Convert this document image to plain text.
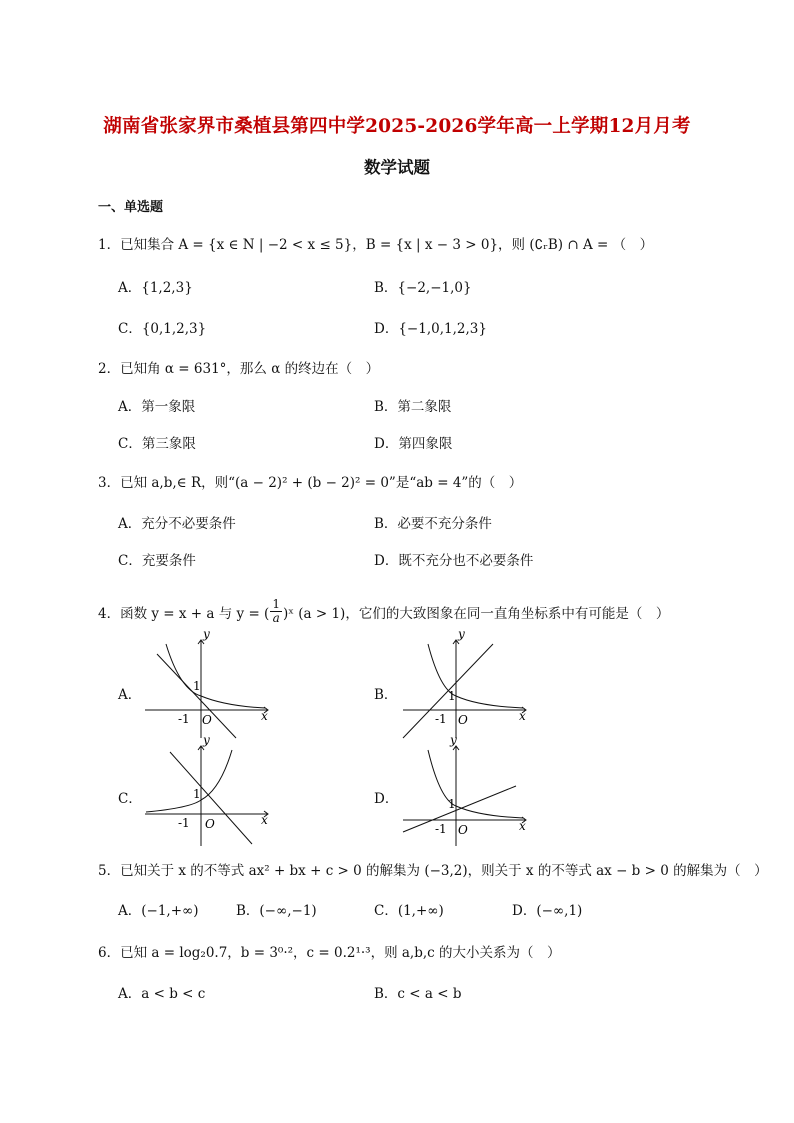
湖南省张家界市桑植县第四中学2025-2026学年高一上学期12月月考
数学试题
一、单选题
1．已知集合 A = {x ∈ N | −2 < x ≤ 5}，B = {x | x − 3 > 0}，则 (∁ᵣB) ∩ A = （　）
A．{1,2,3}	B．{−2,−1,0}
C．{0,1,2,3}	D．{−1,0,1,2,3}
2．已知角 α = 631°，那么 α 的终边在（　）
A．第一象限	B．第二象限
C．第三象限	D．第四象限
3．已知 a,b,∈ R，则“(a − 2)² + (b − 2)² = 0”是“ab = 4”的（　）
A．充分不必要条件	B．必要不充分条件
C．充要条件	D．既不充分也不必要条件
4．函数 y = x + a 与 y = ( $\frac{1}{a}$ )ˣ (a > 1)，它们的大致图象在同一直角坐标系中有可能是（　）
A．	B．
C．	D．
y
x
O
1
-1
y
x
O
1
-1
y
x
O
1
-1
y
x
O
1
-1
5．已知关于 x 的不等式 ax² + bx + c > 0 的解集为 (−3,2)，则关于 x 的不等式 ax − b > 0 的解集为（　）
A．(−1,+∞)	B．(−∞,−1)	C．(1,+∞)	D．(−∞,1)
6．已知 a = log₂0.7，b = 3⁰·²，c = 0.2¹·³，则 a,b,c 的大小关系为（　）
A．a < b < c	B．c < a < b
